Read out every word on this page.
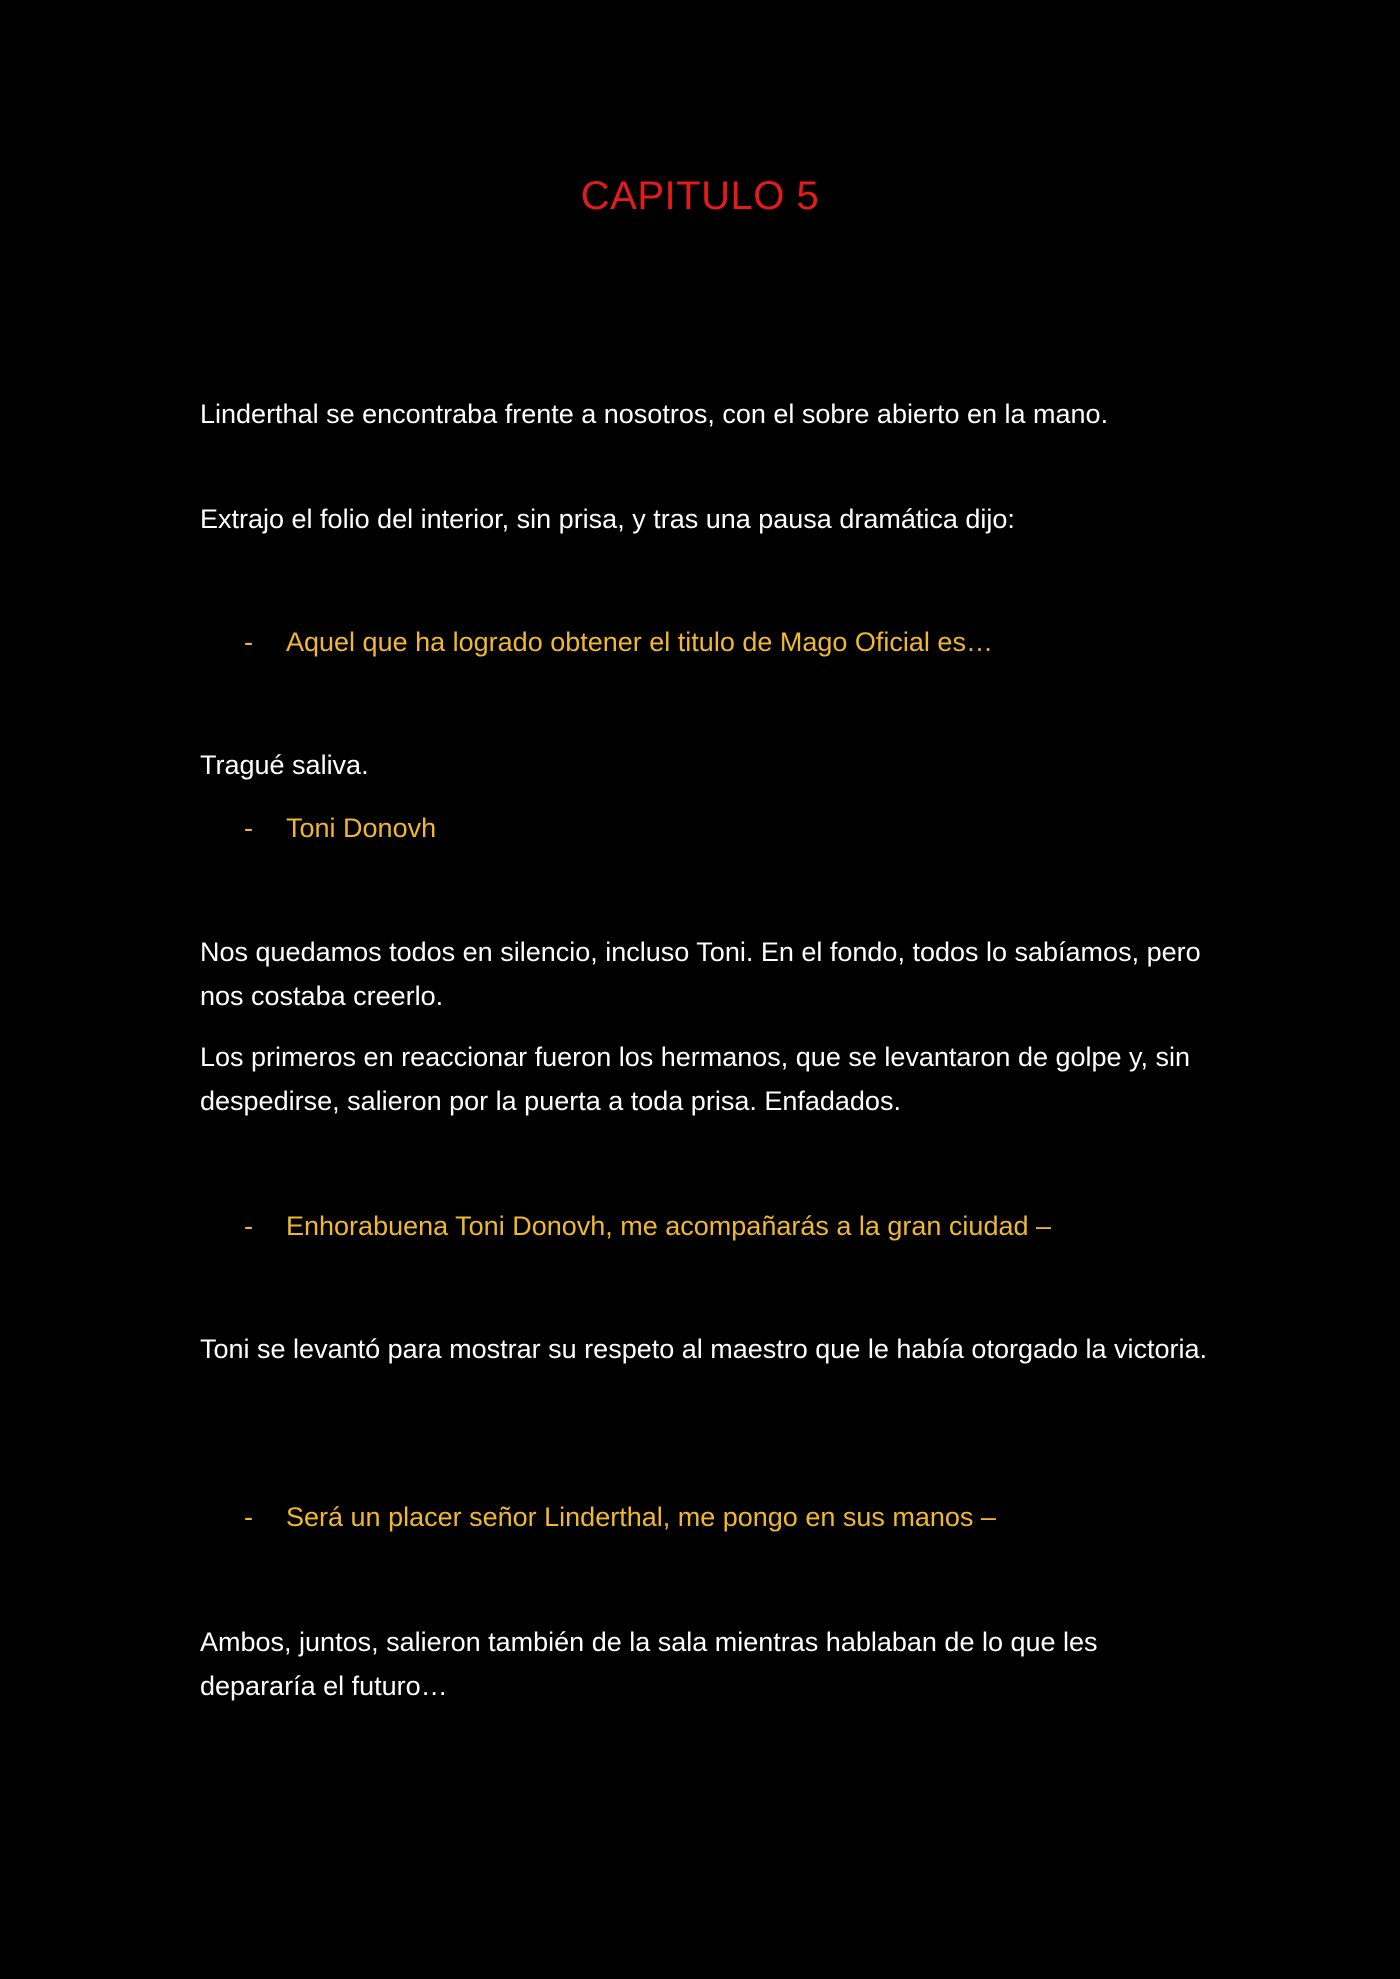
CAPITULO 5

Linderthal se encontraba frente a nosotros, con el sobre abierto en la mano.

Extrajo el folio del interior, sin prisa, y tras una pausa dramática dijo:

-	Aquel que ha logrado obtener el titulo de Mago Oficial es…

Tragué saliva.

-	Toni Donovh

Nos quedamos todos en silencio, incluso Toni. En el fondo, todos lo sabíamos, pero nos costaba creerlo.

Los primeros en reaccionar fueron los hermanos, que se levantaron de golpe y, sin despedirse, salieron por la puerta a toda prisa. Enfadados.

-	Enhorabuena Toni Donovh, me acompañarás a la gran ciudad –

Toni se levantó para mostrar su respeto al maestro que le había otorgado la victoria.

-	Será un placer señor Linderthal, me pongo en sus manos –

Ambos, juntos, salieron también de la sala mientras hablaban de lo que les depararía el futuro…
